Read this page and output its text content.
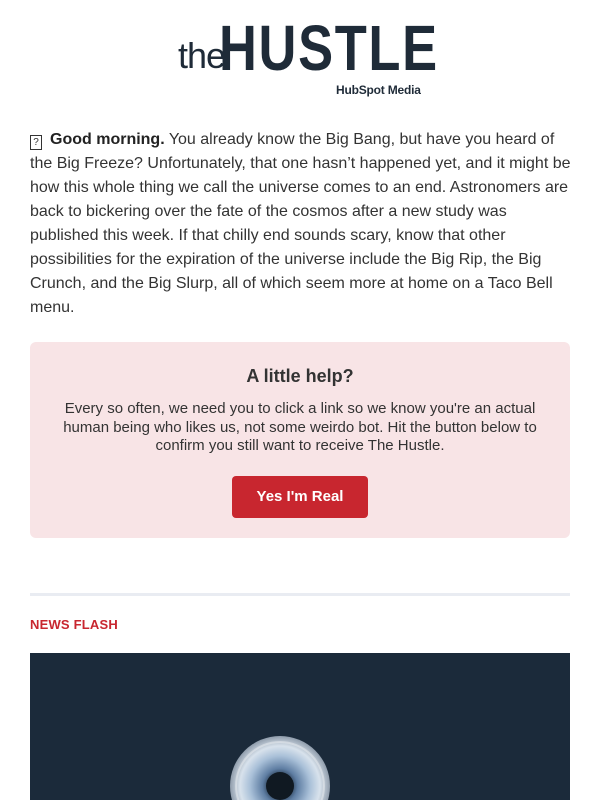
the
HUSTLE
HubSpot Media
? Good morning. You already know the Big Bang, but have you heard of the Big Freeze? Unfortunately, that one hasn’t happened yet, and it might be how this whole thing we call the universe comes to an end. Astronomers are back to bickering over the fate of the cosmos after a new study was published this week. If that chilly end sounds scary, know that other possibilities for the expiration of the universe include the Big Rip, the Big Crunch, and the Big Slurp, all of which seem more at home on a Taco Bell menu.
A little help?
Every so often, we need you to click a link so we know you're an actual human being who likes us, not some weirdo bot. Hit the button below to confirm you still want to receive The Hustle.
Yes I'm Real
NEWS FLASH
